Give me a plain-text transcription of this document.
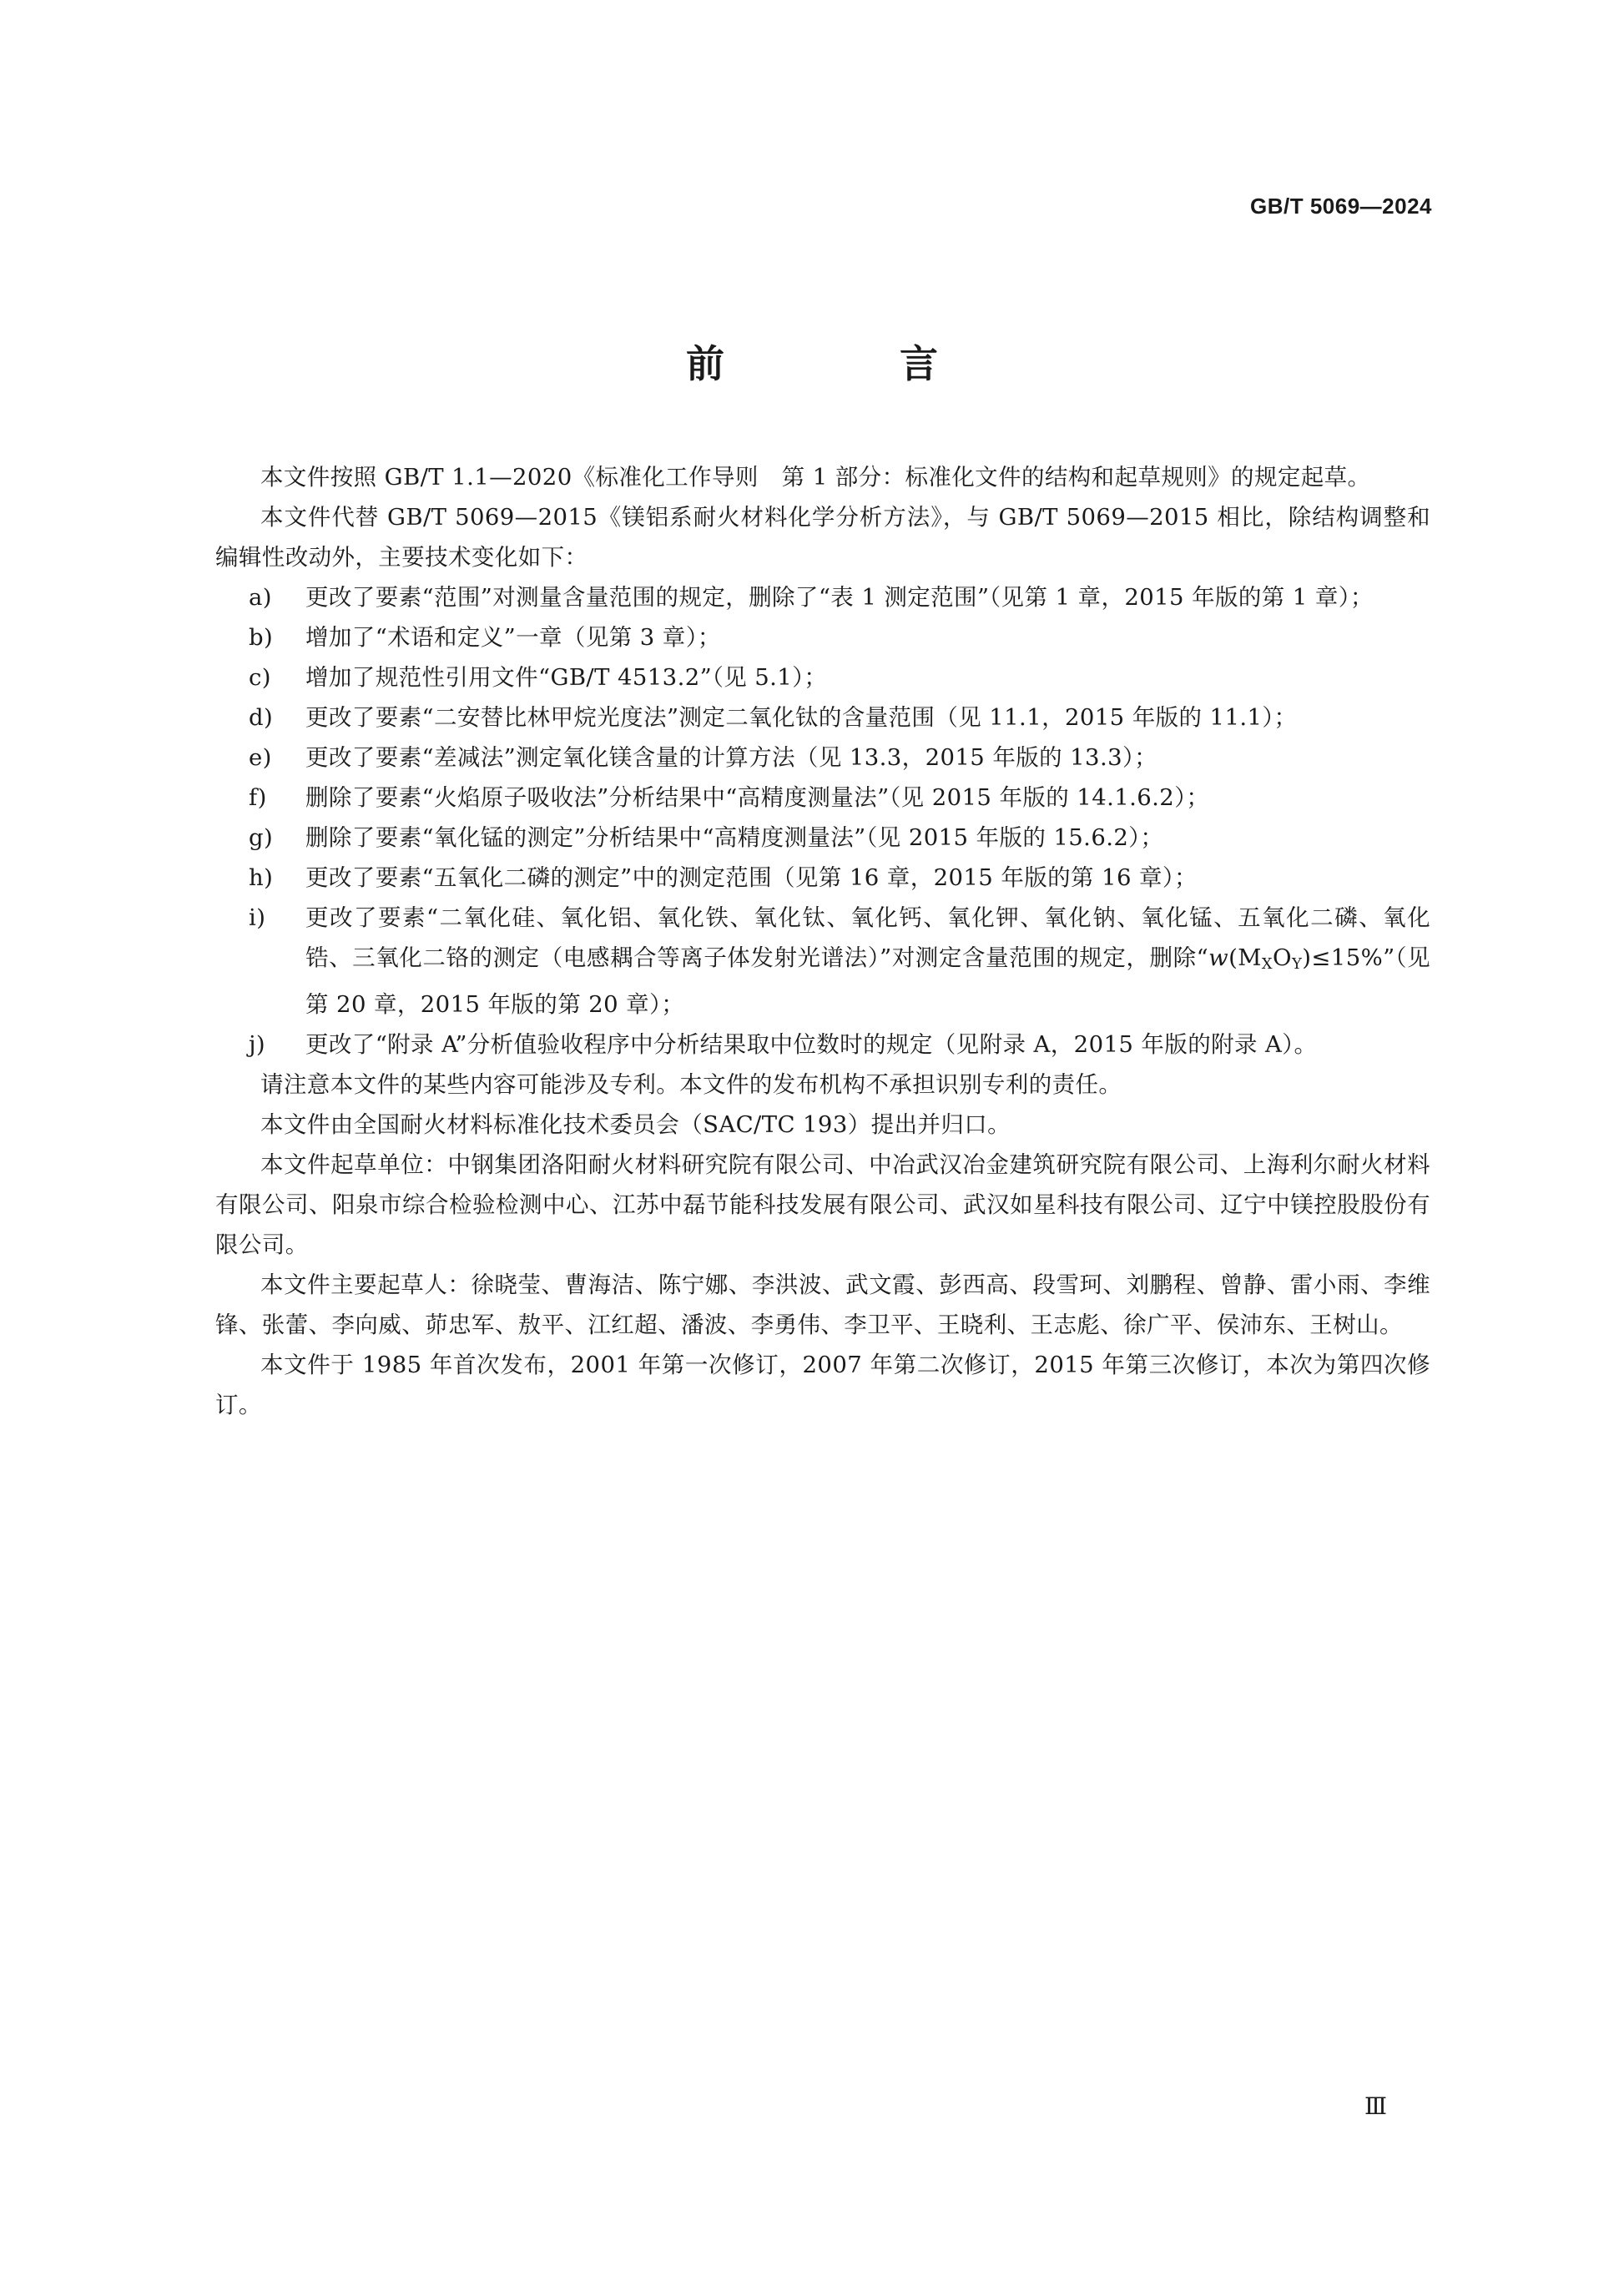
GB/T 5069—2024
前　言

本文件按照 GB/T 1.1—2020《标准化工作导则　第 1 部分：标准化文件的结构和起草规则》的规定起草。

本文件代替 GB/T 5069—2015《镁铝系耐火材料化学分析方法》，与 GB/T 5069—2015 相比，除结构调整和编辑性改动外，主要技术变化如下：

a) 更改了要素“范围”对测量含量范围的规定，删除了“表 1 测定范围”（见第 1 章，2015 年版的第 1 章）；
b) 增加了“术语和定义”一章（见第 3 章）；
c) 增加了规范性引用文件“GB/T 4513.2”（见 5.1）；
d) 更改了要素“二安替比林甲烷光度法”测定二氧化钛的含量范围（见 11.1，2015 年版的 11.1）；
e) 更改了要素“差减法”测定氧化镁含量的计算方法（见 13.3，2015 年版的 13.3）；
f) 删除了要素“火焰原子吸收法”分析结果中“高精度测量法”（见 2015 年版的 14.1.6.2）；
g) 删除了要素“氧化锰的测定”分析结果中“高精度测量法”（见 2015 年版的 15.6.2）；
h) 更改了要素“五氧化二磷的测定”中的测定范围（见第 16 章，2015 年版的第 16 章）；
i) 更改了要素“二氧化硅、氧化铝、氧化铁、氧化钛、氧化钙、氧化钾、氧化钠、氧化锰、五氧化二磷、氧化锆、三氧化二铬的测定（电感耦合等离子体发射光谱法）”对测定含量范围的规定，删除“$w(M_XO_Y)\le 15\%$”（见第 20 章，2015 年版的第 20 章）；
j) 更改了“附录 A”分析值验收程序中分析结果取中位数时的规定（见附录 A，2015 年版的附录 A）。

请注意本文件的某些内容可能涉及专利。本文件的发布机构不承担识别专利的责任。

本文件由全国耐火材料标准化技术委员会（SAC/TC 193）提出并归口。

本文件起草单位：中钢集团洛阳耐火材料研究院有限公司、中冶武汉冶金建筑研究院有限公司、上海利尔耐火材料有限公司、阳泉市综合检验检测中心、江苏中磊节能科技发展有限公司、武汉如星科技有限公司、辽宁中镁控股股份有限公司。

本文件主要起草人：徐晓莹、曹海洁、陈宁娜、李洪波、武文霞、彭西高、段雪珂、刘鹏程、曾静、雷小雨、李维锋、张蕾、李向威、茆忠军、敖平、江红超、潘波、李勇伟、李卫平、王晓利、王志彪、徐广平、侯沛东、王树山。

本文件于 1985 年首次发布，2001 年第一次修订，2007 年第二次修订，2015 年第三次修订，本次为第四次修订。

Ⅲ
